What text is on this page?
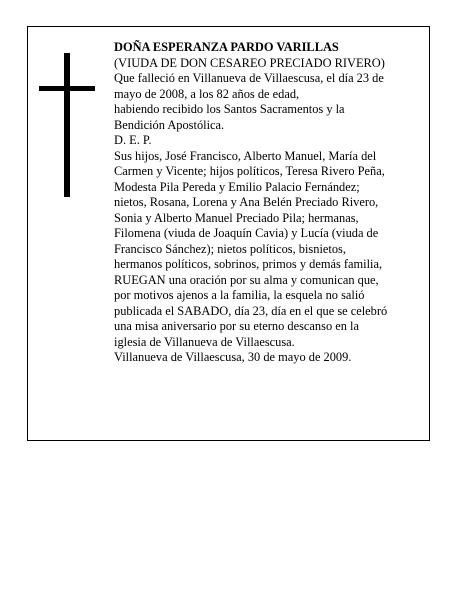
DOÑA ESPERANZA PARDO VARILLAS
(VIUDA DE DON CESAREO PRECIADO RIVERO)
Que falleció en Villanueva de Villaescusa, el día 23 de
mayo de 2008, a los 82 años de edad,
habiendo recibido los Santos Sacramentos y la
Bendición Apostólica.
D. E. P.
Sus hijos, José Francisco, Alberto Manuel, María del
Carmen y Vicente; hijos políticos, Teresa Rivero Peña,
Modesta Pila Pereda y Emilio Palacio Fernández;
nietos, Rosana, Lorena y Ana Belén Preciado Rivero,
Sonia y Alberto Manuel Preciado Pila; hermanas,
Filomena (viuda de Joaquín Cavia) y Lucía (viuda de
Francisco Sánchez); nietos políticos, bisnietos,
hermanos políticos, sobrinos, primos y demás familia,
RUEGAN una oración por su alma y comunican que,
por motivos ajenos a la familia, la esquela no salió
publicada el SABADO, día 23, día en el que se celebró
una misa aniversario por su eterno descanso en la
iglesia de Villanueva de Villaescusa.
Villanueva de Villaescusa, 30 de mayo de 2009.
